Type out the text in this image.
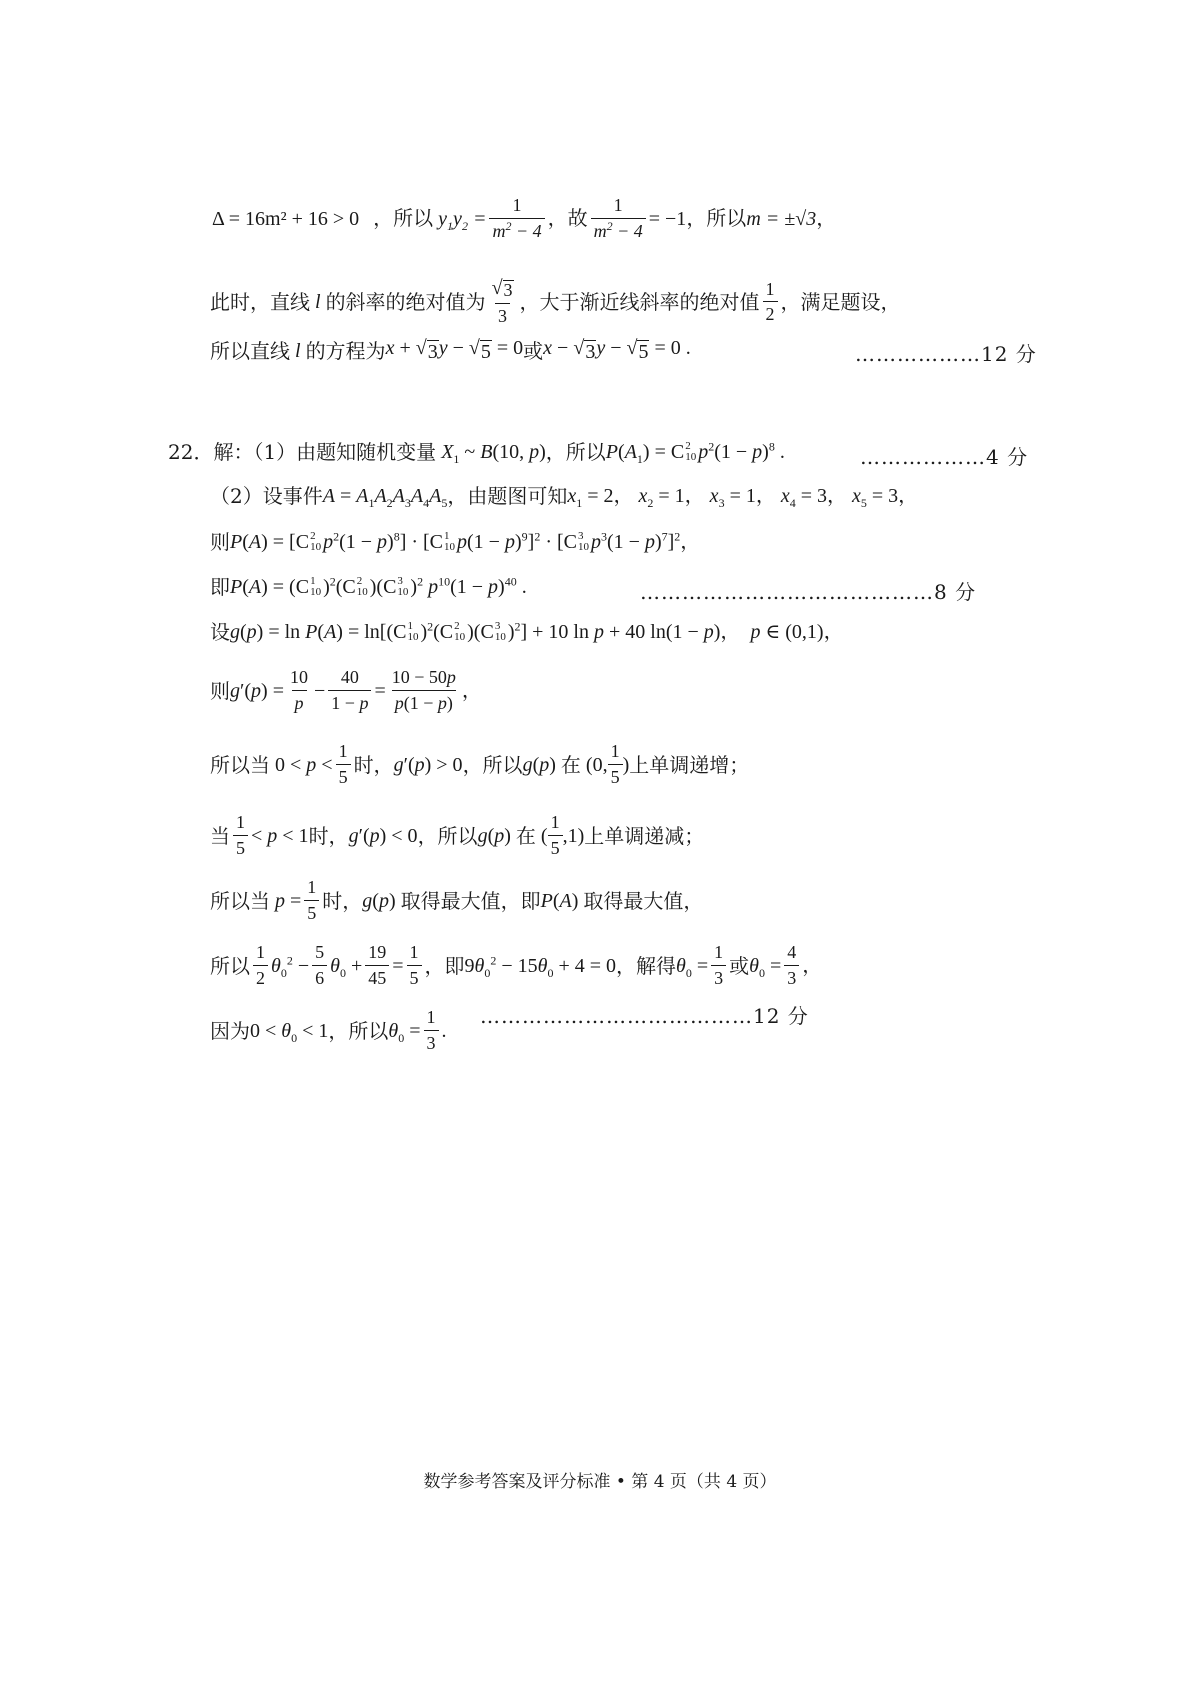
Δ = 16m² + 16 > 0 ，所以 $y_1y_2 = \frac{1}{m^2 - 4}$ ，故 $\frac{1}{m^2 - 4} = -1$ ，所以 m = ±√3 ，
此时，直线 l 的斜率的绝对值为 $\frac{√ 3}{3}$ ，大于渐近线斜率的绝对值 $\frac{1}{2}$ ，满足题设，
所以直线 l 的方程为 x + √ 3 y − √ 5 = 0 或 x − √ 3 y − √ 5 = 0 .	………………12 分
22． 解：（1）由题知随机变量 $X_1$ ~ B(10, p) ，所以 $P(A_1) = C$ 2
10 $p^2(1 - p)^8$ .	………………4 分
（2）设事件 $A = A_1A_2A_3A_4A_5$ ，由题图可知 $x_1 = 2$， $x_2 = 1$， $x_3 = 1$， $x_4 = 3$， $x_5 = 3$，
则 P(A) = [C 2
10 $p^2(1 - p)^8] \cdot [C$ 1
10 $p(1 - p)^9]^2 \cdot [C$ 3
10 $p^3(1 - p)^7]^2$，
即 P(A) = (C 1
10 )$^2$(C 2
10 )(C 3
10 )$^2$ $p^{10}(1 - p)^{40}$ .	……………………………………8 分
设 g(p) = ln P(A) = ln[(C 1
10 )$^2$(C 2
10 )(C 3
10 )$^2$] + 10 ln p + 40 ln(1 − p)，  p ∈ (0,1)，
则 $g'(p) = \frac{10}{p} - \frac{40}{1 - p} = \frac{10 - 50p}{p(1 - p)}$ ，
所以当 $0 < p < \frac{1}{5}$ 时， g′(p) > 0 ，所以 g(p) 在 (0, $\frac{1}{5}$ ) 上单调递增；
当 $\frac{1}{5} < p < 1$ 时， g′(p) < 0 ，所以 g(p) 在 ( $\frac{1}{5} ,1$) 上单调递减；
所以当 $p = \frac{1}{5}$ 时， g(p) 取得最大值，即 P(A) 取得最大值，
所以 $\frac{1}{2} \theta_0^2 - \frac{5}{6} \theta_0 + \frac{19}{45} = \frac{1}{5}$ ，即 $9\theta_0^2 - 15\theta_0 + 4 = 0$ ，解得 $\theta_0 = \frac{1}{3}$ 或 $\theta_0 = \frac{4}{3}$ ，
因为 $0 < \theta_0 < 1$ ，所以 $\theta_0 = \frac{1}{3}$ .
…………………………………12 分
数学参考答案及评分标准 • 第 4 页（共 4 页）
